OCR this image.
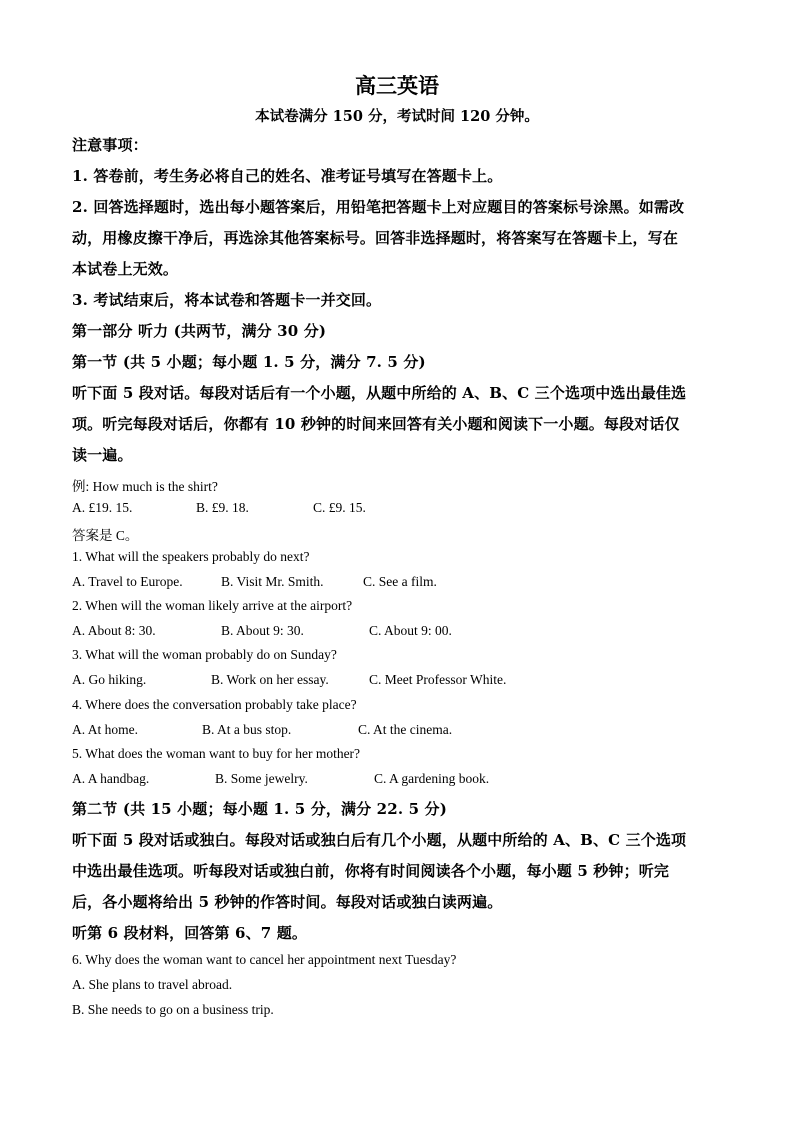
高三英语
本试卷满分 150 分，考试时间 120 分钟。
注意事项：
1. 答卷前，考生务必将自己的姓名、准考证号填写在答题卡上。
2. 回答选择题时，选出每小题答案后，用铅笔把答题卡上对应题目的答案标号涂黑。如需改
动，用橡皮擦干净后，再选涂其他答案标号。回答非选择题时，将答案写在答题卡上，写在
本试卷上无效。
3. 考试结束后，将本试卷和答题卡一并交回。
第一部分 听力 (共两节，满分 30 分)
第一节 (共 5 小题；每小题 1. 5 分，满分 7. 5 分)
听下面 5 段对话。每段对话后有一个小题，从题中所给的 A、B、C 三个选项中选出最佳选
项。听完每段对话后，你都有 10 秒钟的时间来回答有关小题和阅读下一小题。每段对话仅
读一遍。
例: How much is the shirt?
A. £19. 15.	B. £9. 18.	C. £9. 15.
答案是 C。
1. What will the speakers probably do next?
A. Travel to Europe.	B. Visit Mr. Smith.	C. See a film.
2. When will the woman likely arrive at the airport?
A. About 8: 30.	B. About 9: 30.	C. About 9: 00.
3. What will the woman probably do on Sunday?
A. Go hiking.	B. Work on her essay.	C. Meet Professor White.
4. Where does the conversation probably take place?
A. At home.	B. At a bus stop.	C. At the cinema.
5. What does the woman want to buy for her mother?
A. A handbag.	B. Some jewelry.	C. A gardening book.
第二节 (共 15 小题；每小题 1. 5 分，满分 22. 5 分)
听下面 5 段对话或独白。每段对话或独白后有几个小题，从题中所给的 A、B、C 三个选项
中选出最佳选项。听每段对话或独白前，你将有时间阅读各个小题，每小题 5 秒钟；听完
后，各小题将给出 5 秒钟的作答时间。每段对话或独白读两遍。
听第 6 段材料，回答第 6、7 题。
6. Why does the woman want to cancel her appointment next Tuesday?
A. She plans to travel abroad.
B. She needs to go on a business trip.
